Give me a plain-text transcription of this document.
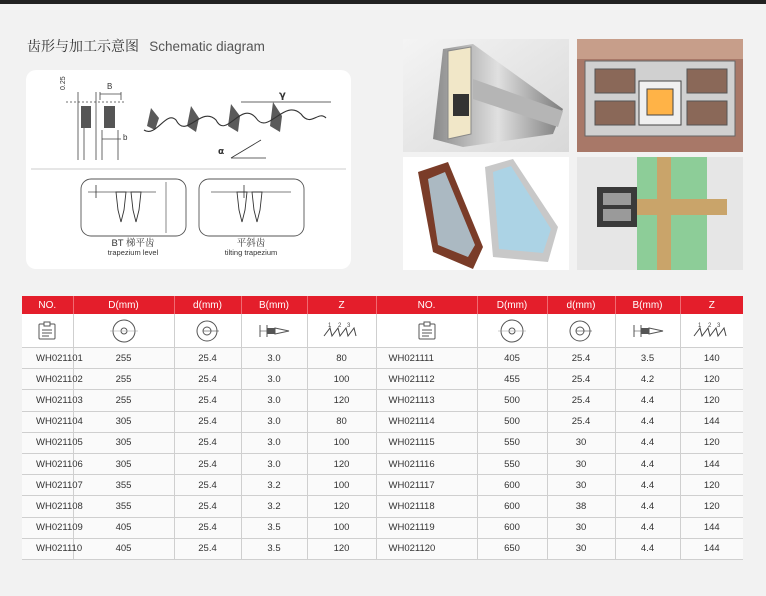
齿形与加工示意图 Schematic diagram
0.25	B
b
γ
α
BT 梯平齿
trapezium level
平斜齿
tilting trapezium
NO.	D(mm)	d(mm)	B(mm)	Z	NO.	D(mm)	d(mm)	B(mm)	Z

1 2 3					1 2 3

WH021101	255	25.4	3.0	80	WH021111	405	25.4	3.5	140
WH021102	255	25.4	3.0	100	WH021112	455	25.4	4.2	120
WH021103	255	25.4	3.0	120	WH021113	500	25.4	4.4	120
WH021104	305	25.4	3.0	80	WH021114	500	25.4	4.4	144
WH021105	305	25.4	3.0	100	WH021115	550	30	4.4	120
WH021106	305	25.4	3.0	120	WH021116	550	30	4.4	144
WH021107	355	25.4	3.2	100	WH021117	600	30	4.4	120
WH021108	355	25.4	3.2	120	WH021118	600	38	4.4	120
WH021109	405	25.4	3.5	100	WH021119	600	30	4.4	144
WH021110	405	25.4	3.5	120	WH021120	650	30	4.4	144
